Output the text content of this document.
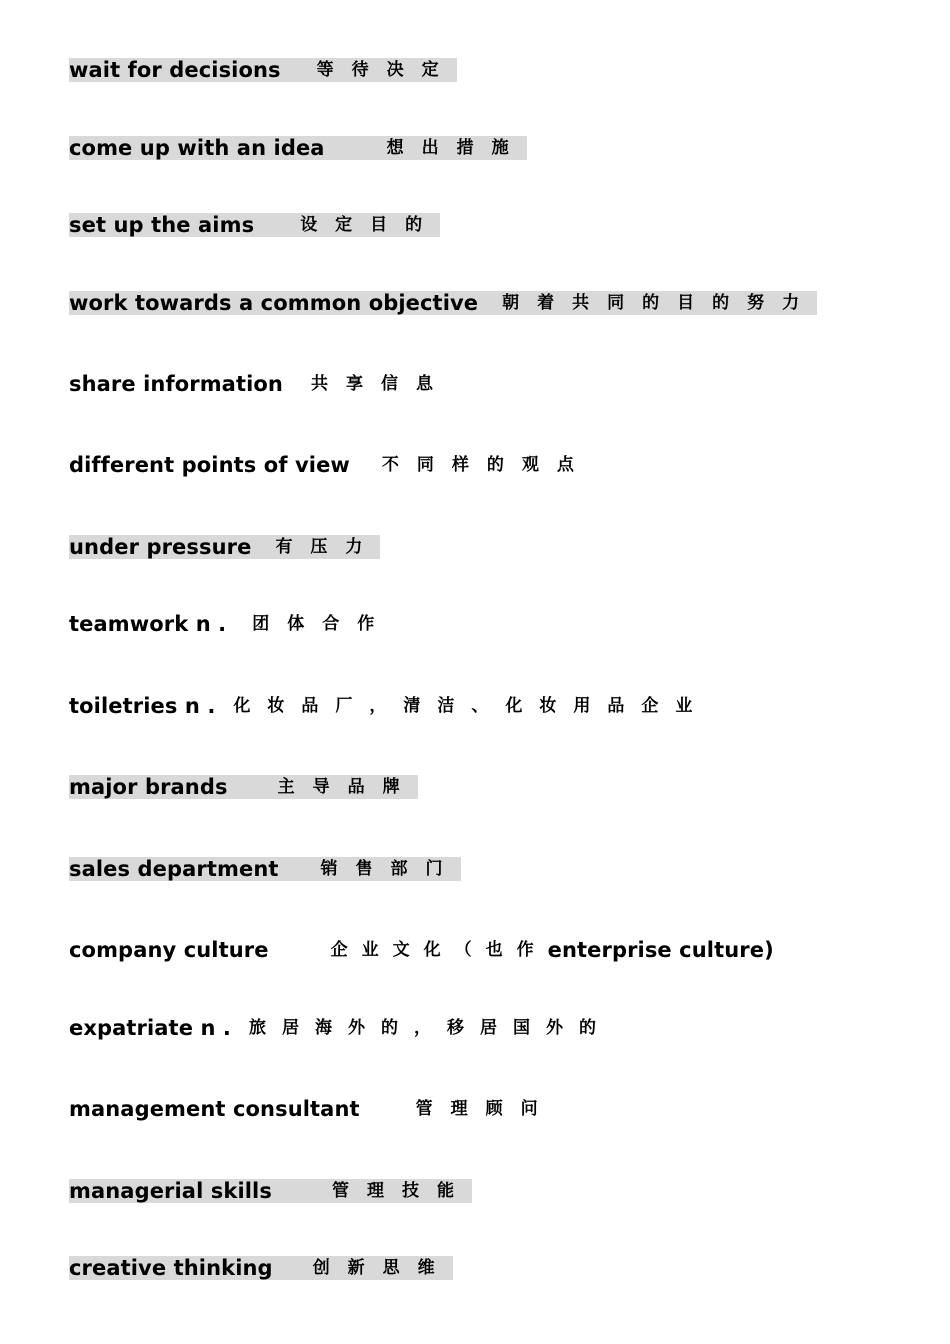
wait for decisions	等待决定
come up with an idea	想出措施
set up the aims	设定目的
work towards a common objective	朝着共同的目的努力
share information	共享信息
different points of view	不同样的观点
under pressure	有压力
teamwork n .	团体合作
toiletries n .	化妆品厂，清洁、化妆用品企业
major brands	主导品牌
sales department	销售部门
company culture	企业文化（也作 enterprise culture)
expatriate n .	旅居海外的，移居国外的
management consultant	管理顾问
managerial skills	管理技能
creative thinking	创新思维
